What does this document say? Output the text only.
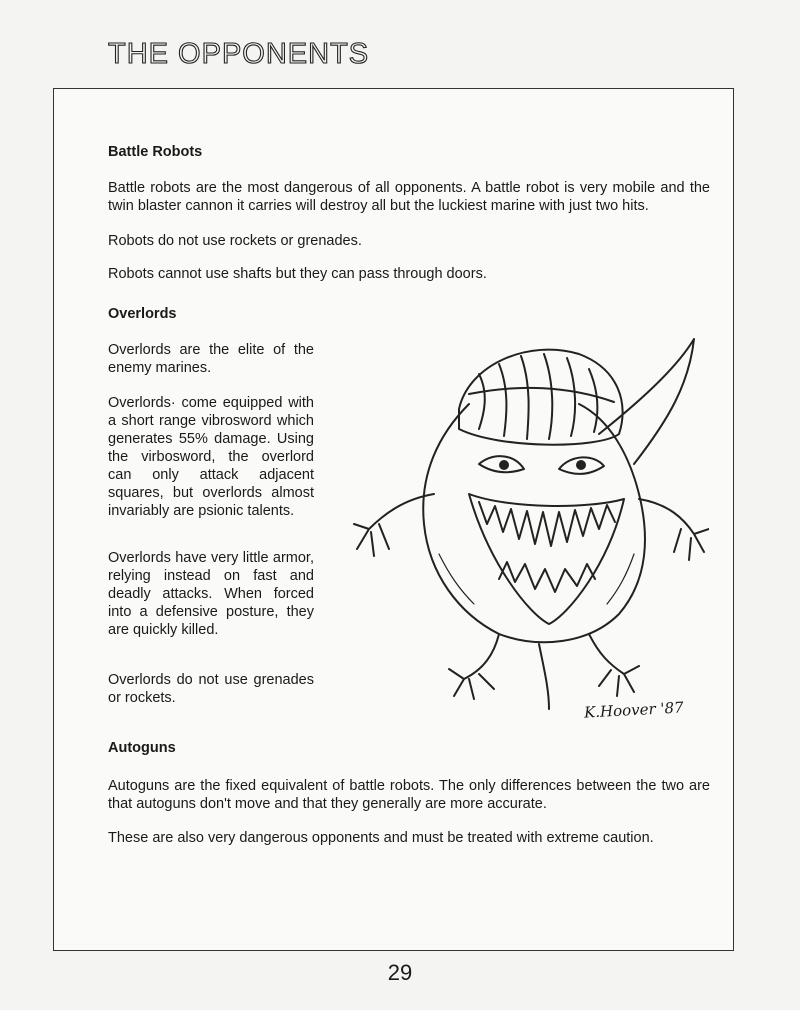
THE OPPONENTS
Battle Robots

Battle robots are the most dangerous of all opponents. A battle robot is very mobile and the twin blaster cannon it carries will destroy all but the luckiest marine with just two hits.

Robots do not use rockets or grenades.

Robots cannot use shafts but they can pass through doors.

Overlords

Overlords are the elite of the enemy marines.

Overlords· come equipped with a short range vibrosword which generates 55% damage. Using the virbosword, the overlord can only attack adjacent squares, but overlords almost invariably are psionic talents.

Overlords have very little armor, relying instead on fast and deadly attacks. When forced into a defensive posture, they are quickly killed.

Overlords do not use grenades or rockets.

Autoguns

Autoguns are the fixed equivalent of battle robots. The only differences between the two are that autoguns don't move and that they generally are more accurate.

These are also very dangerous opponents and must be treated with extreme caution.

K.Hoover '87
29
